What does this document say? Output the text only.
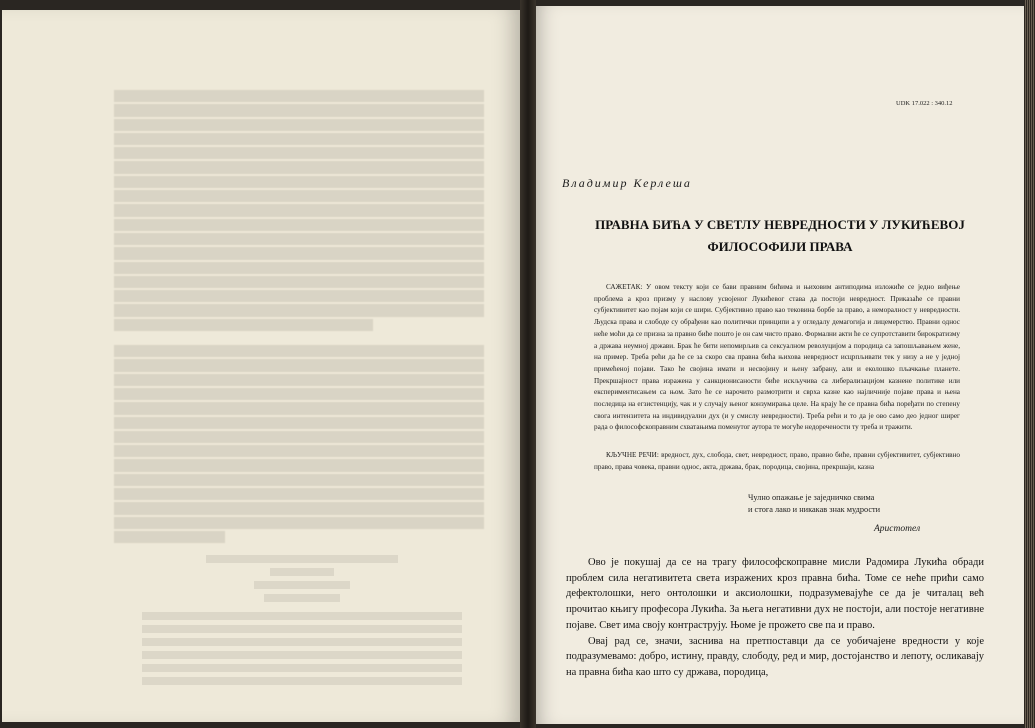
UDK 17.022 : 340.12
Владимир Керлеша
ПРАВНА БИЋА У СВЕТЛУ НЕВРЕДНОСТИ У ЛУКИЋЕВОЈ ФИЛОСОФИЈИ ПРАВА

САЖЕТАК: У овом тексту који се бави правним бићима и њиховим антиподима изложиће се једно виђење проблема а кроз призму у наслову усвојеног Лукићевог става да постоји невредност. Приказаће се правни субјективитет као појам који се шири. Субјективно право као тековина борбе за право, а неморалност у невредности. Људска права и слободе су обрађени као политички принципи а у огледалу демагогија и лицемерство. Правни однос неће моћи да се призна за правно биће пошто је он сам чисто право. Формални акти ће се супротставити бирократизму а држава неумној држави. Брак ће бити непомирљив са сексуалном револуцијом а породица са запошљавањем жене, на пример. Треба рећи да ће се за скоро сва правна бића њихова невредност исцрпљивати тек у низу а не у једној примећеној појави. Тако ће својина имати и несвојину и њену забрану, али и еколошко пљачкање планете. Прекршајност права изражена у санкционисаности биће искључива са либерализацијом казнене политике или експериментисањем са њом. Зато ће се нарочито размотрити и сврха казне као најличније појаве права и њена последица на егзистенцију, чак и у случају њеног конзумирања целе. На крају ће се правна бића поређати по степену свога интензитета на индивидуални дух (и у смислу невредности). Треба рећи и то да је ово само део једног ширег рада о философскоправним схватањима поменутог аутора те могуће недоречености ту треба и тражити.

КЉУЧНЕ РЕЧИ: вредност, дух, слобода, свет, невредност, право, правно биће, правни субјективитет, субјективно право, права човека, правни однос, акта, држава, брак, породица, својина, прекршаји, казна

Чулно опажање је заједничко свима
и стога лако и никакав знак мудрости
Аристотел

Ово је покушај да се на трагу философскоправне мисли Радомира Лукића обради проблем сила негативитета света изражених кроз правна бића. Томе се неће прићи само дефектолошки, него онтолошки и аксиолошки, подразумевајуће се да је читалац већ прочитао књигу професора Лукића. За њега негативни дух не постоји, али постоје негативне појаве. Свет има своју контраструју. Њоме је прожето све па и право.

Овај рад се, значи, заснива на претпоставци да се уобичајене вредности у које подразумевамо: добро, истину, правду, слободу, ред и мир, достојанство и лепоту, осликавају на правна бића као што су држава, породица,
